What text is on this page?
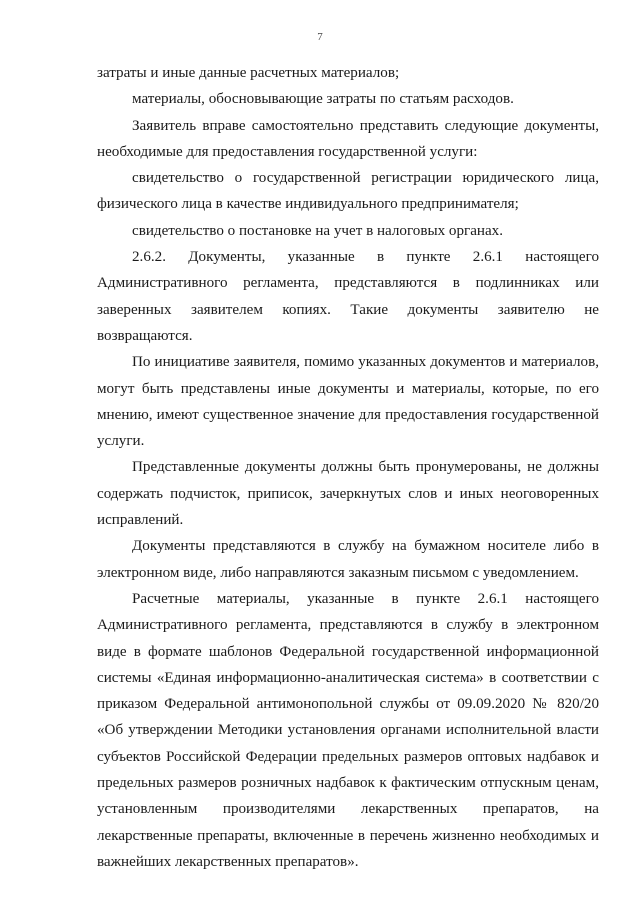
7

затраты и иные данные расчетных материалов;

материалы, обосновывающие затраты по статьям расходов.

Заявитель вправе самостоятельно представить следующие документы, необходимые для предоставления государственной услуги:

свидетельство о государственной регистрации юридического лица, физического лица в качестве индивидуального предпринимателя;

свидетельство о постановке на учет в налоговых органах.

2.6.2. Документы, указанные в пункте 2.6.1 настоящего Административного регламента, представляются в подлинниках или заверенных заявителем копиях. Такие документы заявителю не возвращаются.

По инициативе заявителя, помимо указанных документов и материалов, могут быть представлены иные документы и материалы, которые, по его мнению, имеют существенное значение для предоставления государственной услуги.

Представленные документы должны быть пронумерованы, не должны содержать подчисток, приписок, зачеркнутых слов и иных неоговоренных исправлений.

Документы представляются в службу на бумажном носителе либо в электронном виде, либо направляются заказным письмом с уведомлением.

Расчетные материалы, указанные в пункте 2.6.1 настоящего Административного регламента, представляются в службу в электронном виде в формате шаблонов Федеральной государственной информационной системы «Единая информационно-аналитическая система» в соответствии с приказом Федеральной антимонопольной службы от 09.09.2020 № 820/20 «Об утверждении Методики установления органами исполнительной власти субъектов Российской Федерации предельных размеров оптовых надбавок и предельных размеров розничных надбавок к фактическим отпускным ценам, установленным производителями лекарственных препаратов, на лекарственные препараты, включенные в перечень жизненно необходимых и важнейших лекарственных препаратов».
